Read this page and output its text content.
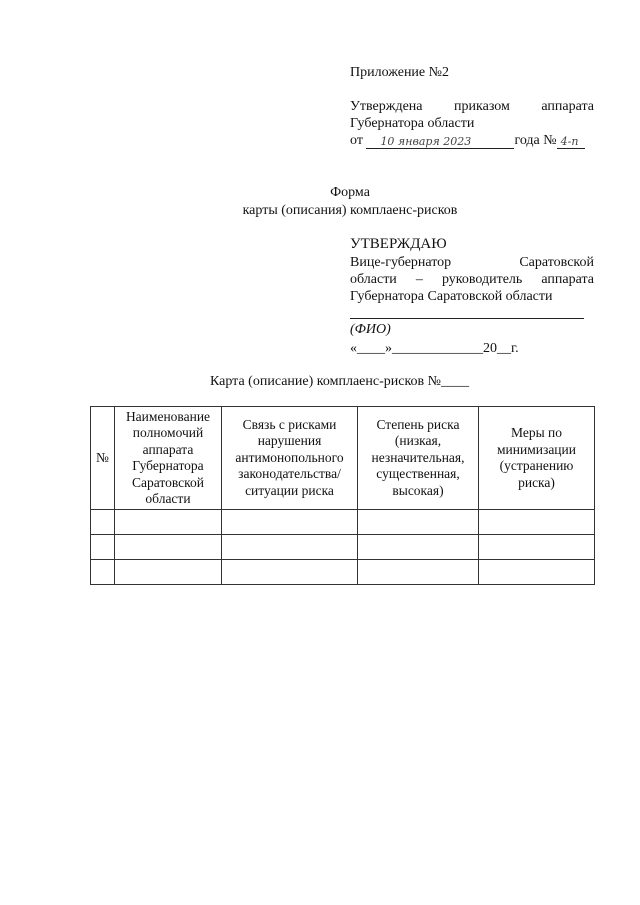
Приложение №2
Утверждена приказом аппарата
Губернатора области
от 10 января 2023	года № 4-п
Форма
карты (описания) комплаенс-рисков
УТВЕРЖДАЮ
Вице-губернатор	Саратовской
области – руководитель аппарата
Губернатора Саратовской области
(ФИО)
«____»_____________20__г.
Карта (описание) комплаенс-рисков №____
№	Наименование полномочий аппарата Губернатора Саратовской области	Связь с рисками нарушения антимонопольного законодательства/ ситуации риска	Степень риска (низкая, незначительная, существенная, высокая)	Меры по минимизации (устранению риска)
